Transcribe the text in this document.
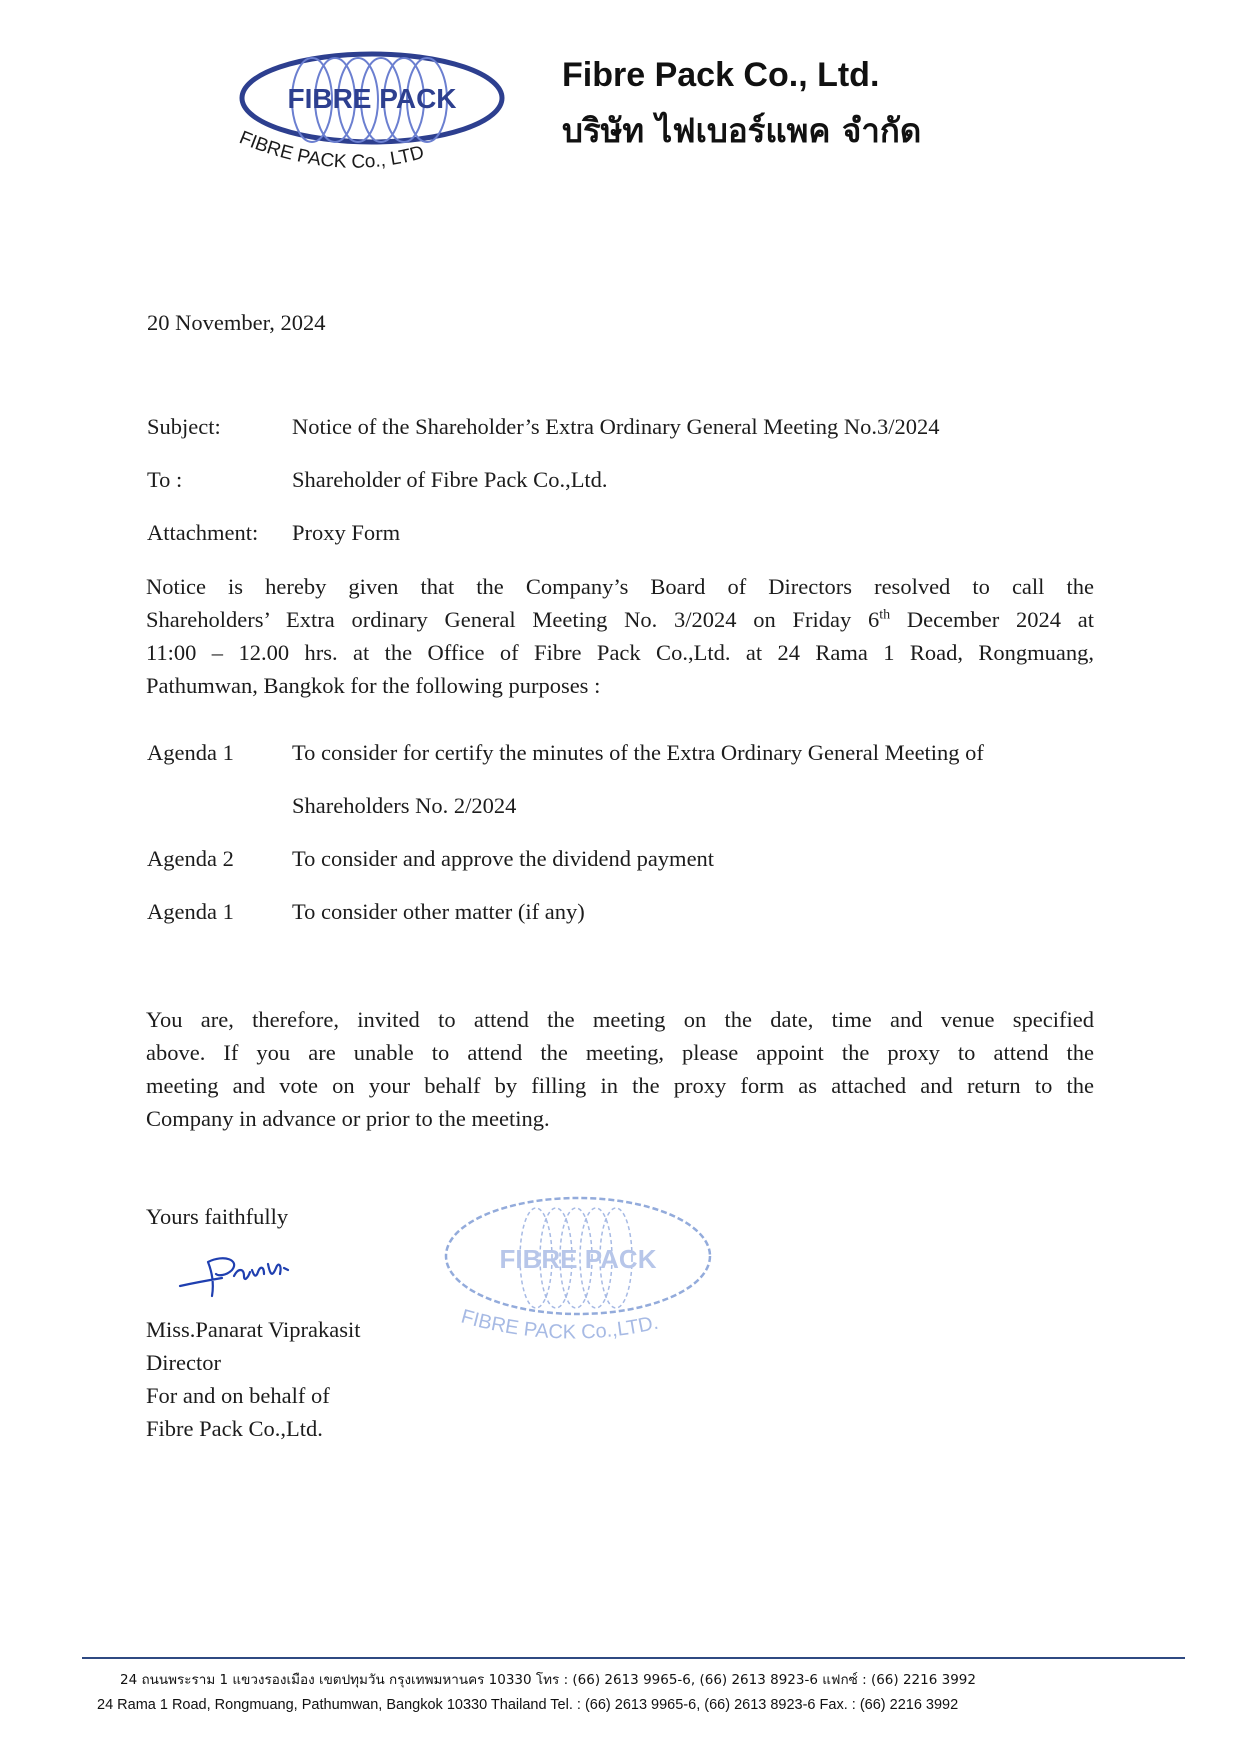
FIBRE PACK
FIBRE PACK Co., LTD
Fibre Pack Co., Ltd.
บริษัท ไฟเบอร์แพค จำกัด
20 November, 2024
Subject:	Notice of the Shareholder’s Extra Ordinary General Meeting No.3/2024
To :	Shareholder of Fibre Pack Co.,Ltd.
Attachment: Proxy Form
Notice is hereby given that the Company’s Board of Directors resolved to call the
Shareholders’ Extra ordinary General Meeting No. 3/2024 on Friday 6th December 2024 at
11:00 – 12.00 hrs. at the Office of Fibre Pack Co.,Ltd. at 24 Rama 1 Road, Rongmuang,
Pathumwan, Bangkok for the following purposes :
Agenda 1	To consider for certify the minutes of the Extra Ordinary General Meeting of
Shareholders No. 2/2024
Agenda 2	To consider and approve the dividend payment
Agenda 1	To consider other matter (if any)
You are, therefore, invited to attend the meeting on the date, time and venue specified
above. If you are unable to attend the meeting, please appoint the proxy to attend the
meeting and vote on your behalf by filling in the proxy form as attached and return to the
Company in advance or prior to the meeting.
Yours faithfully
Miss.Panarat Viprakasit
Director
For and on behalf of
Fibre Pack Co.,Ltd.
FIBRE PACK
FIBRE PACK Co.,LTD.
24 ถนนพระราม 1 แขวงรองเมือง เขตปทุมวัน กรุงเทพมหานคร 10330 โทร : (66) 2613 9965-6, (66) 2613 8923-6 แฟกซ์ : (66) 2216 3992
24 Rama 1 Road, Rongmuang, Pathumwan, Bangkok 10330 Thailand Tel. : (66) 2613 9965-6, (66) 2613 8923-6 Fax. : (66) 2216 3992
